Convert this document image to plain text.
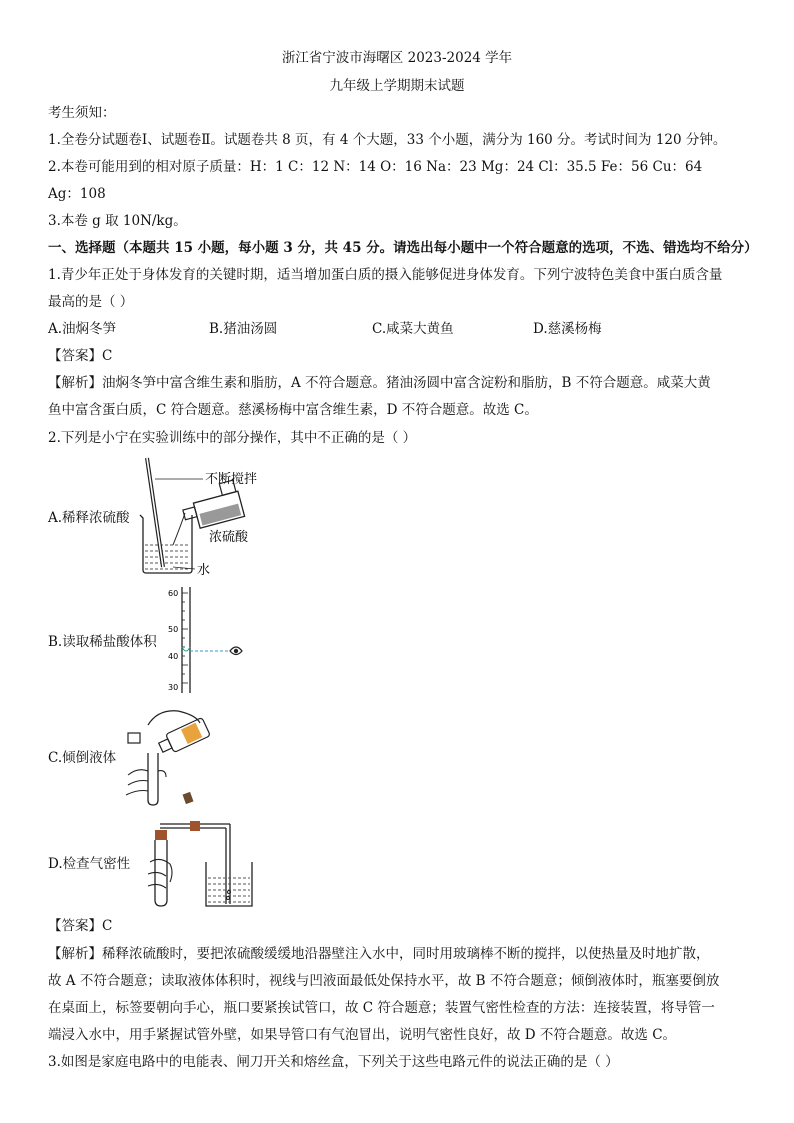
浙江省宁波市海曙区 2023-2024 学年
九年级上学期期末试题
考生须知：
1.全卷分试题卷Ⅰ、试题卷Ⅱ。试题卷共 8 页，有 4 个大题，33 个小题，满分为 160 分。考试时间为 120 分钟。
2.本卷可能用到的相对原子质量：H：1 C：12 N：14 O：16 Na：23 Mg：24 Cl：35.5 Fe：56 Cu：64
Ag：108
3.本卷 g 取 10N/kg。
一、选择题（本题共 15 小题，每小题 3 分，共 45 分。请选出每小题中一个符合题意的选项，不选、错选均不给分）
1.青少年正处于身体发育的关键时期，适当增加蛋白质的摄入能够促进身体发育。下列宁波特色美食中蛋白质含量
最高的是（ ）
A.油焖冬笋	B.猪油汤圆	C.咸菜大黄鱼	D.慈溪杨梅
【答案】C
【解析】油焖冬笋中富含维生素和脂肪，A 不符合题意。猪油汤圆中富含淀粉和脂肪，B 不符合题意。咸菜大黄
鱼中富含蛋白质，C 符合题意。慈溪杨梅中富含维生素，D 不符合题意。故选 C。
2.下列是小宁在实验训练中的部分操作，其中不正确的是（ ）
A.稀释浓硫酸
不断搅拌
浓硫酸
水
B.读取稀盐酸体积
60
50
40
30
C.倾倒液体
D.检查气密性
【答案】C
【解析】稀释浓硫酸时，要把浓硫酸缓缓地沿器壁注入水中，同时用玻璃棒不断的搅拌，以使热量及时地扩散，
故 A 不符合题意；读取液体体积时，视线与凹液面最低处保持水平，故 B 不符合题意；倾倒液体时，瓶塞要倒放
在桌面上，标签要朝向手心，瓶口要紧挨试管口，故 C 符合题意；装置气密性检查的方法：连接装置，将导管一
端浸入水中，用手紧握试管外壁，如果导管口有气泡冒出，说明气密性良好，故 D 不符合题意。故选 C。
3.如图是家庭电路中的电能表、闸刀开关和熔丝盒，下列关于这些电路元件的说法正确的是（ ）
